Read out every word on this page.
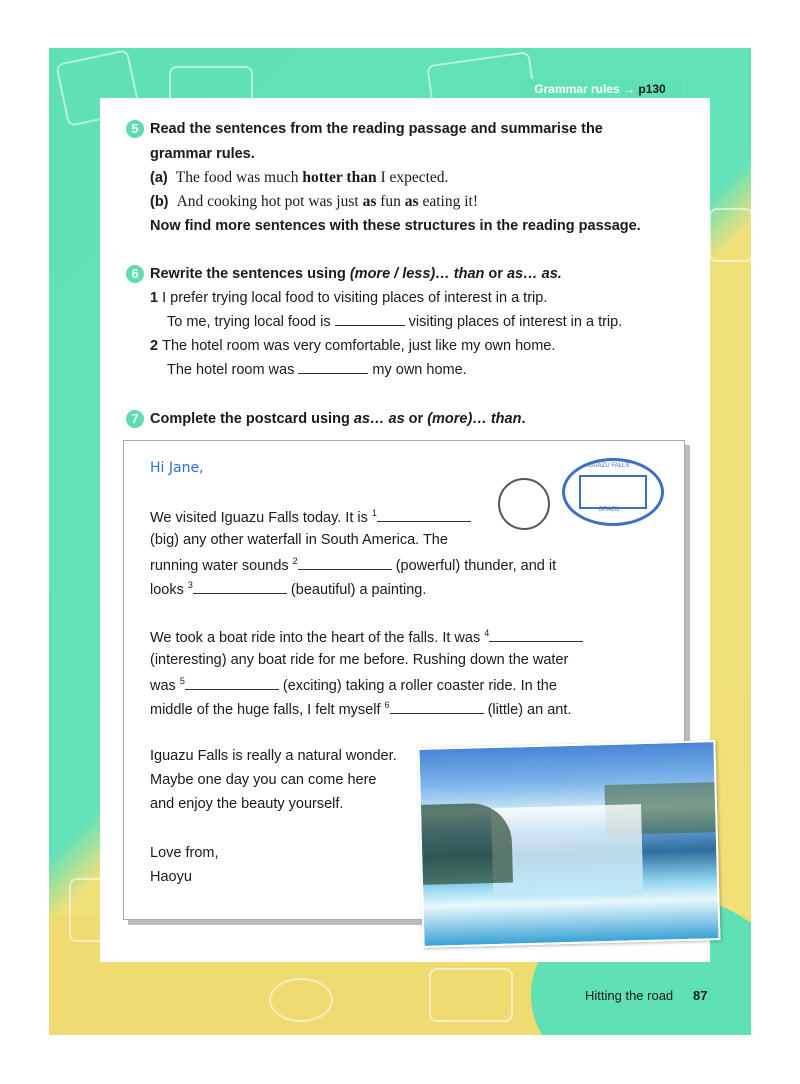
Grammar rules → p130
5 Read the sentences from the reading passage and summarise the
grammar rules.
(a) The food was much hotter than I expected.
(b) And cooking hot pot was just as fun as eating it!
Now find more sentences with these structures in the reading passage.
6 Rewrite the sentences using (more / less)… than or as… as.
1 I prefer trying local food to visiting places of interest in a trip.
To me, trying local food is	visiting places of interest in a trip.
2 The hotel room was very comfortable, just like my own home.
The hotel room was	my own home.
7 Complete the postcard using as… as or (more)… than.
IGUAZU FALLS
BRAZIL
Hi Jane,
We visited Iguazu Falls today. It is $^1$
(big) any other waterfall in South America. The
running water sounds $^2$	(powerful) thunder, and it
looks $^3$	(beautiful) a painting.
We took a boat ride into the heart of the falls. It was $^4$
(interesting) any boat ride for me before. Rushing down the water
was $^5$	(exciting) taking a roller coaster ride. In the
middle of the huge falls, I felt myself $^6$	(little) an ant.
Iguazu Falls is really a natural wonder.
Maybe one day you can come here
and enjoy the beauty yourself.
Love from,
Haoyu
Hitting the road 87
